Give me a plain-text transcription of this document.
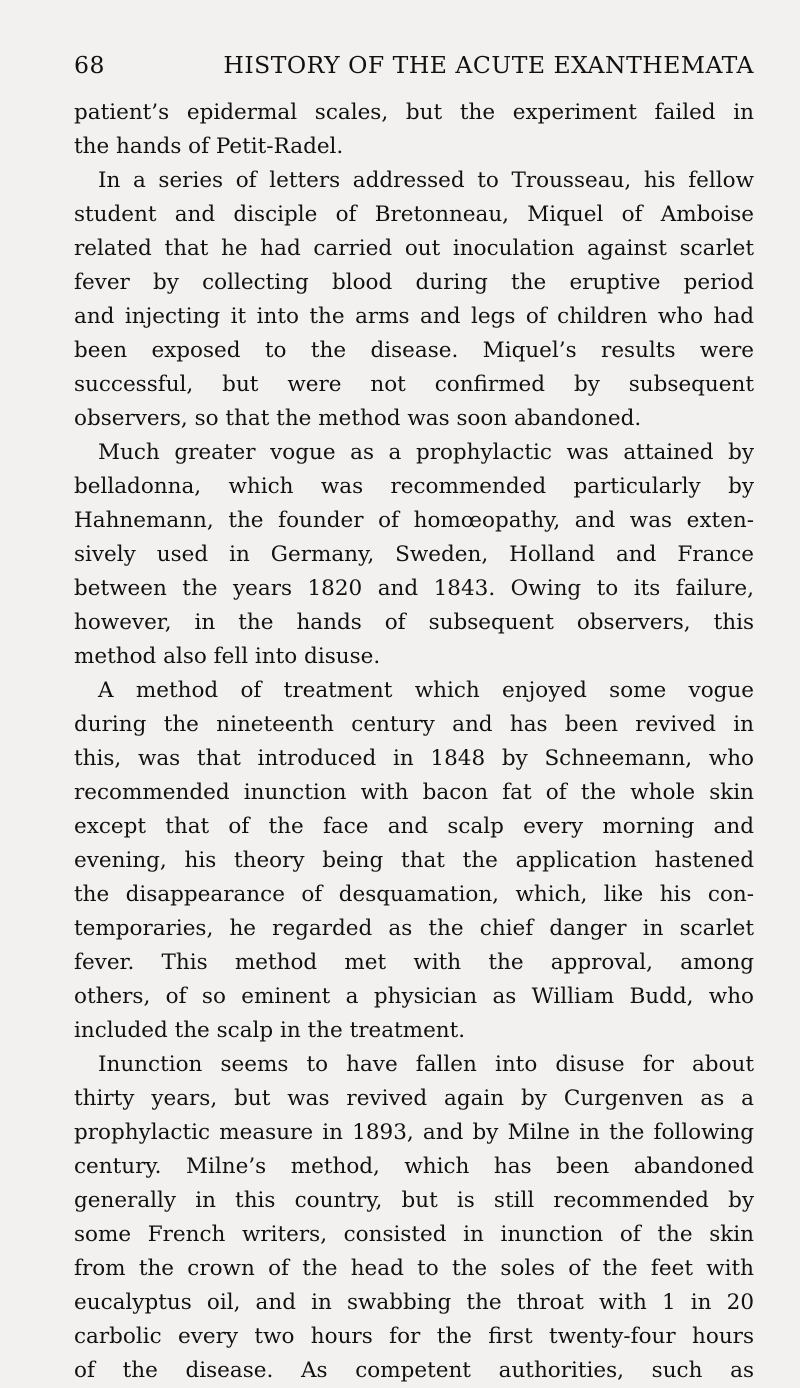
68	HISTORY OF THE ACUTE EXANTHEMATA
patient’s epidermal scales, but the experiment failed in
the hands of Petit-Radel.
In a series of letters addressed to Trousseau, his fellow
student and disciple of Bretonneau, Miquel of Amboise
related that he had carried out inoculation against scarlet
fever by collecting blood during the eruptive period
and injecting it into the arms and legs of children who had
been exposed to the disease. Miquel’s results were
successful, but were not confirmed by subsequent
observers, so that the method was soon abandoned.
Much greater vogue as a prophylactic was attained by
belladonna, which was recommended particularly by
Hahnemann, the founder of homœopathy, and was exten-
sively used in Germany, Sweden, Holland and France
between the years 1820 and 1843. Owing to its failure,
however, in the hands of subsequent observers, this
method also fell into disuse.
A method of treatment which enjoyed some vogue
during the nineteenth century and has been revived in
this, was that introduced in 1848 by Schneemann, who
recommended inunction with bacon fat of the whole skin
except that of the face and scalp every morning and
evening, his theory being that the application hastened
the disappearance of desquamation, which, like his con-
temporaries, he regarded as the chief danger in scarlet
fever. This method met with the approval, among
others, of so eminent a physician as William Budd, who
included the scalp in the treatment.
Inunction seems to have fallen into disuse for about
thirty years, but was revived again by Curgenven as a
prophylactic measure in 1893, and by Milne in the following
century. Milne’s method, which has been abandoned
generally in this country, but is still recommended by
some French writers, consisted in inunction of the skin
from the crown of the head to the soles of the feet with
eucalyptus oil, and in swabbing the throat with 1 in 20
carbolic every two hours for the first twenty-four hours
of the disease. As competent authorities, such as
